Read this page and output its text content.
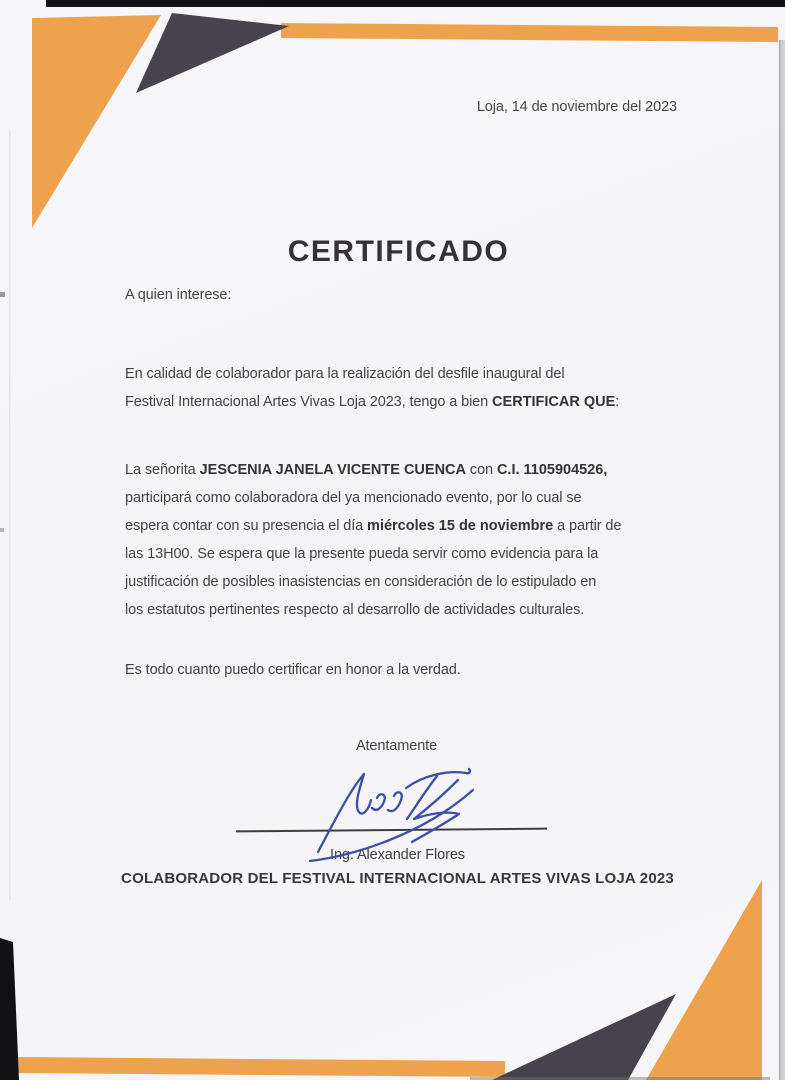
Loja, 14 de noviembre del 2023
CERTIFICADO
A quien interese:
En calidad de colaborador para la realización del desfile inaugural del
Festival Internacional Artes Vivas Loja 2023, tengo a bien CERTIFICAR QUE:
La señorita JESCENIA JANELA VICENTE CUENCA con C.I. 1105904526,
participará como colaboradora del ya mencionado evento, por lo cual se
espera contar con su presencia el día miércoles 15 de noviembre a partir de
las 13H00. Se espera que la presente pueda servir como evidencia para la
justificación de posibles inasistencias en consideración de lo estipulado en
los estatutos pertinentes respecto al desarrollo de actividades culturales.
Es todo cuanto puedo certificar en honor a la verdad.
Atentamente
Ing. Alexander Flores
COLABORADOR DEL FESTIVAL INTERNACIONAL ARTES VIVAS LOJA 2023
